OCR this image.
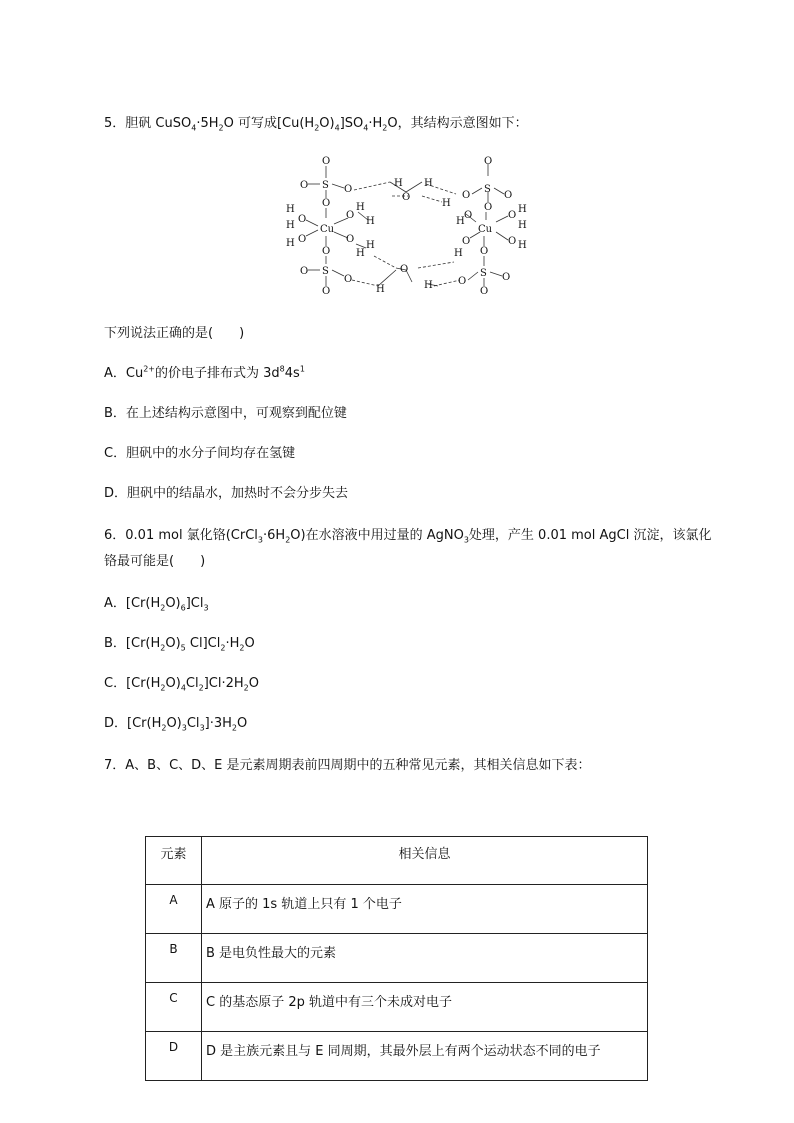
5．胆矾 $CuSO_4\cdot 5H_2O$ 可写成$[Cu(H_2O)_4]SO_4\cdot H_2O$，其结构示意图如下：
O
O S O
O
H
O
H
O
O
S
O
O
H
H
O
H	Cu
O
H
H
H O	O
H
O
O S
O
O
H
H
O
H
H
O
Cu
O
H
H
O
H
O H
O
S
O	O
O
下列说法正确的是(　　)
A．$Cu^{2+}$的价电子排布式为 $3d^84s^1$
B．在上述结构示意图中，可观察到配位键
C．胆矾中的水分子间均存在氢键
D．胆矾中的结晶水，加热时不会分步失去
6．0.01 mol 氯化铬$(CrCl_3\cdot 6H_2O)$在水溶液中用过量的 AgNO$_3$处理，产生 0.01 mol AgCl 沉淀，该氯化
铬最可能是(　　)
A．$[Cr(H_2O)_6]Cl_3$
B．[$Cr(H_2O)_5$ $Cl]Cl_2\cdot H_2O$
C．$[Cr(H_2O)_4Cl_2]Cl\cdot 2H_2O$
D．$[Cr(H_2O)_3Cl_3]\cdot 3H_2O$
7．A、B、C、D、E 是元素周期表前四周期中的五种常见元素，其相关信息如下表：
元素	相关信息
A	A 原子的 1s 轨道上只有 1 个电子
B	B 是电负性最大的元素
C	C 的基态原子 2p 轨道中有三个未成对电子
D	D 是主族元素且与 E 同周期，其最外层上有两个运动状态不同的电子
